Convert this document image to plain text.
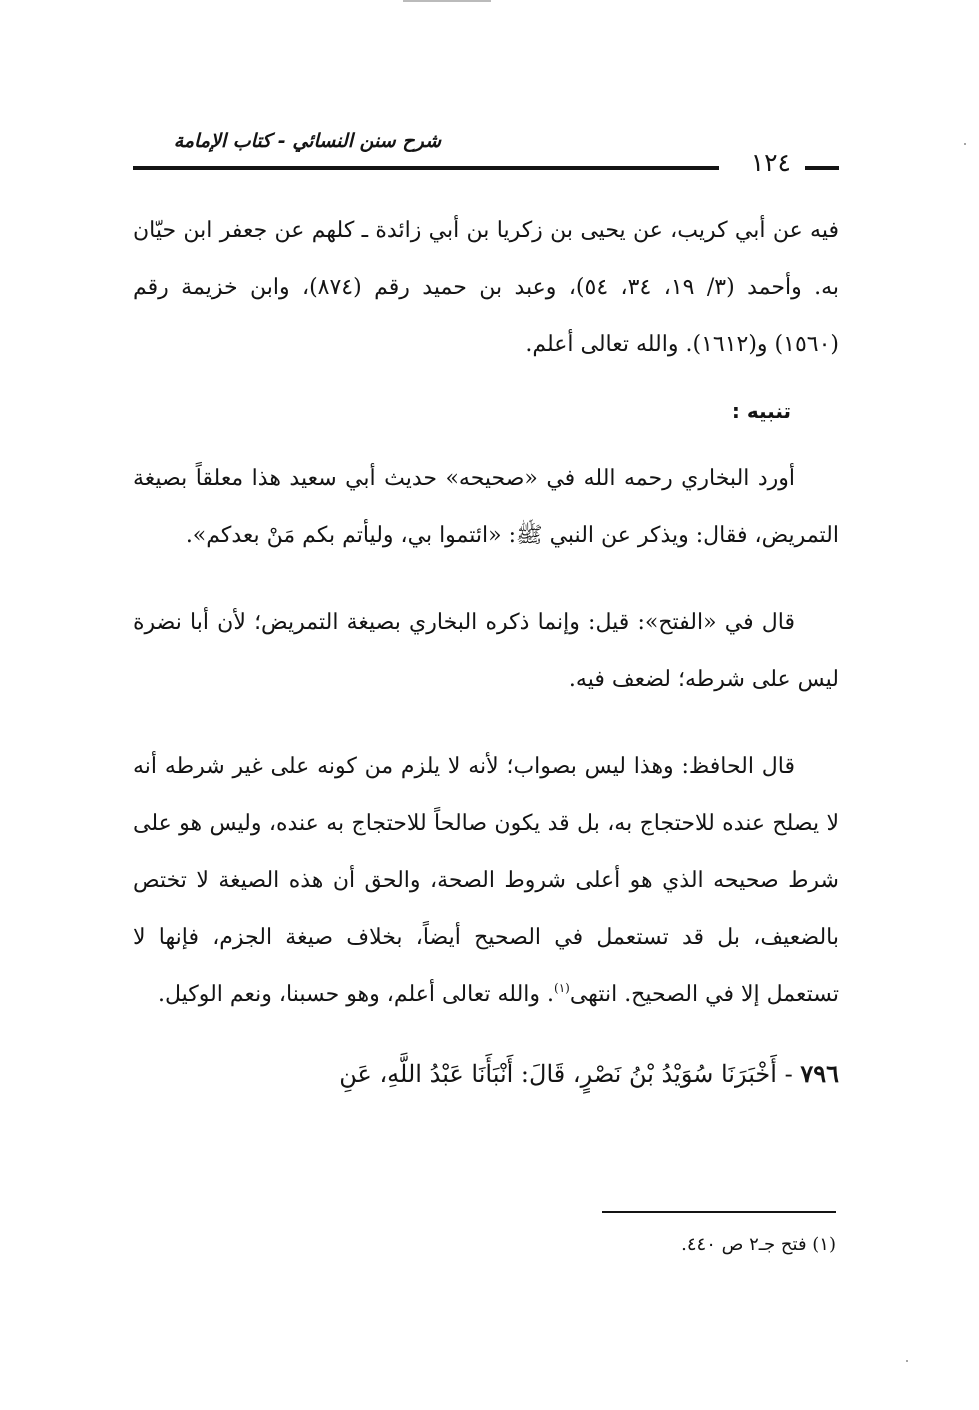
شرح سنن النسائي - كتاب الإمامة
١٢٤

فيه عن أبي كريب، عن يحيى بن زكريا بن أبي زائدة ـ كلهم عن جعفر ابن حيّان به. وأحمد (٣/ ١٩، ٣٤، ٥٤)، وعبد بن حميد رقم (٨٧٤)، وابن خزيمة رقم (١٥٦٠) و(١٦١٢). والله تعالى أعلم.

تنبيه :

أورد البخاري رحمه الله في «صحيحه» حديث أبي سعيد هذا معلقاً بصيغة التمريض، فقال: ويذكر عن النبي ﷺ: «ائتموا بي، وليأتم بكم مَنْ بعدكم».

قال في «الفتح»: قيل: وإنما ذكره البخاري بصيغة التمريض؛ لأن أبا نضرة ليس على شرطه؛ لضعف فيه.

قال الحافظ: وهذا ليس بصواب؛ لأنه لا يلزم من كونه على غير شرطه أنه لا يصلح عنده للاحتجاج به، بل قد يكون صالحاً للاحتجاج به عنده، وليس هو على شرط صحيحه الذي هو أعلى شروط الصحة، والحق أن هذه الصيغة لا تختص بالضعيف، بل قد تستعمل في الصحيح أيضاً، بخلاف صيغة الجزم، فإنها لا تستعمل إلا في الصحيح. انتهى$^{(١)}$. والله تعالى أعلم، وهو حسبنا، ونعم الوكيل.

٧٩٦ - أَخْبَرَنَا سُوَيْدُ بْنُ نَصْرٍ، قَالَ: أَنْبَأَنَا عَبْدُ اللَّهِ، عَنِ

(١) فتح جـ٢ ص ٤٤٠.
